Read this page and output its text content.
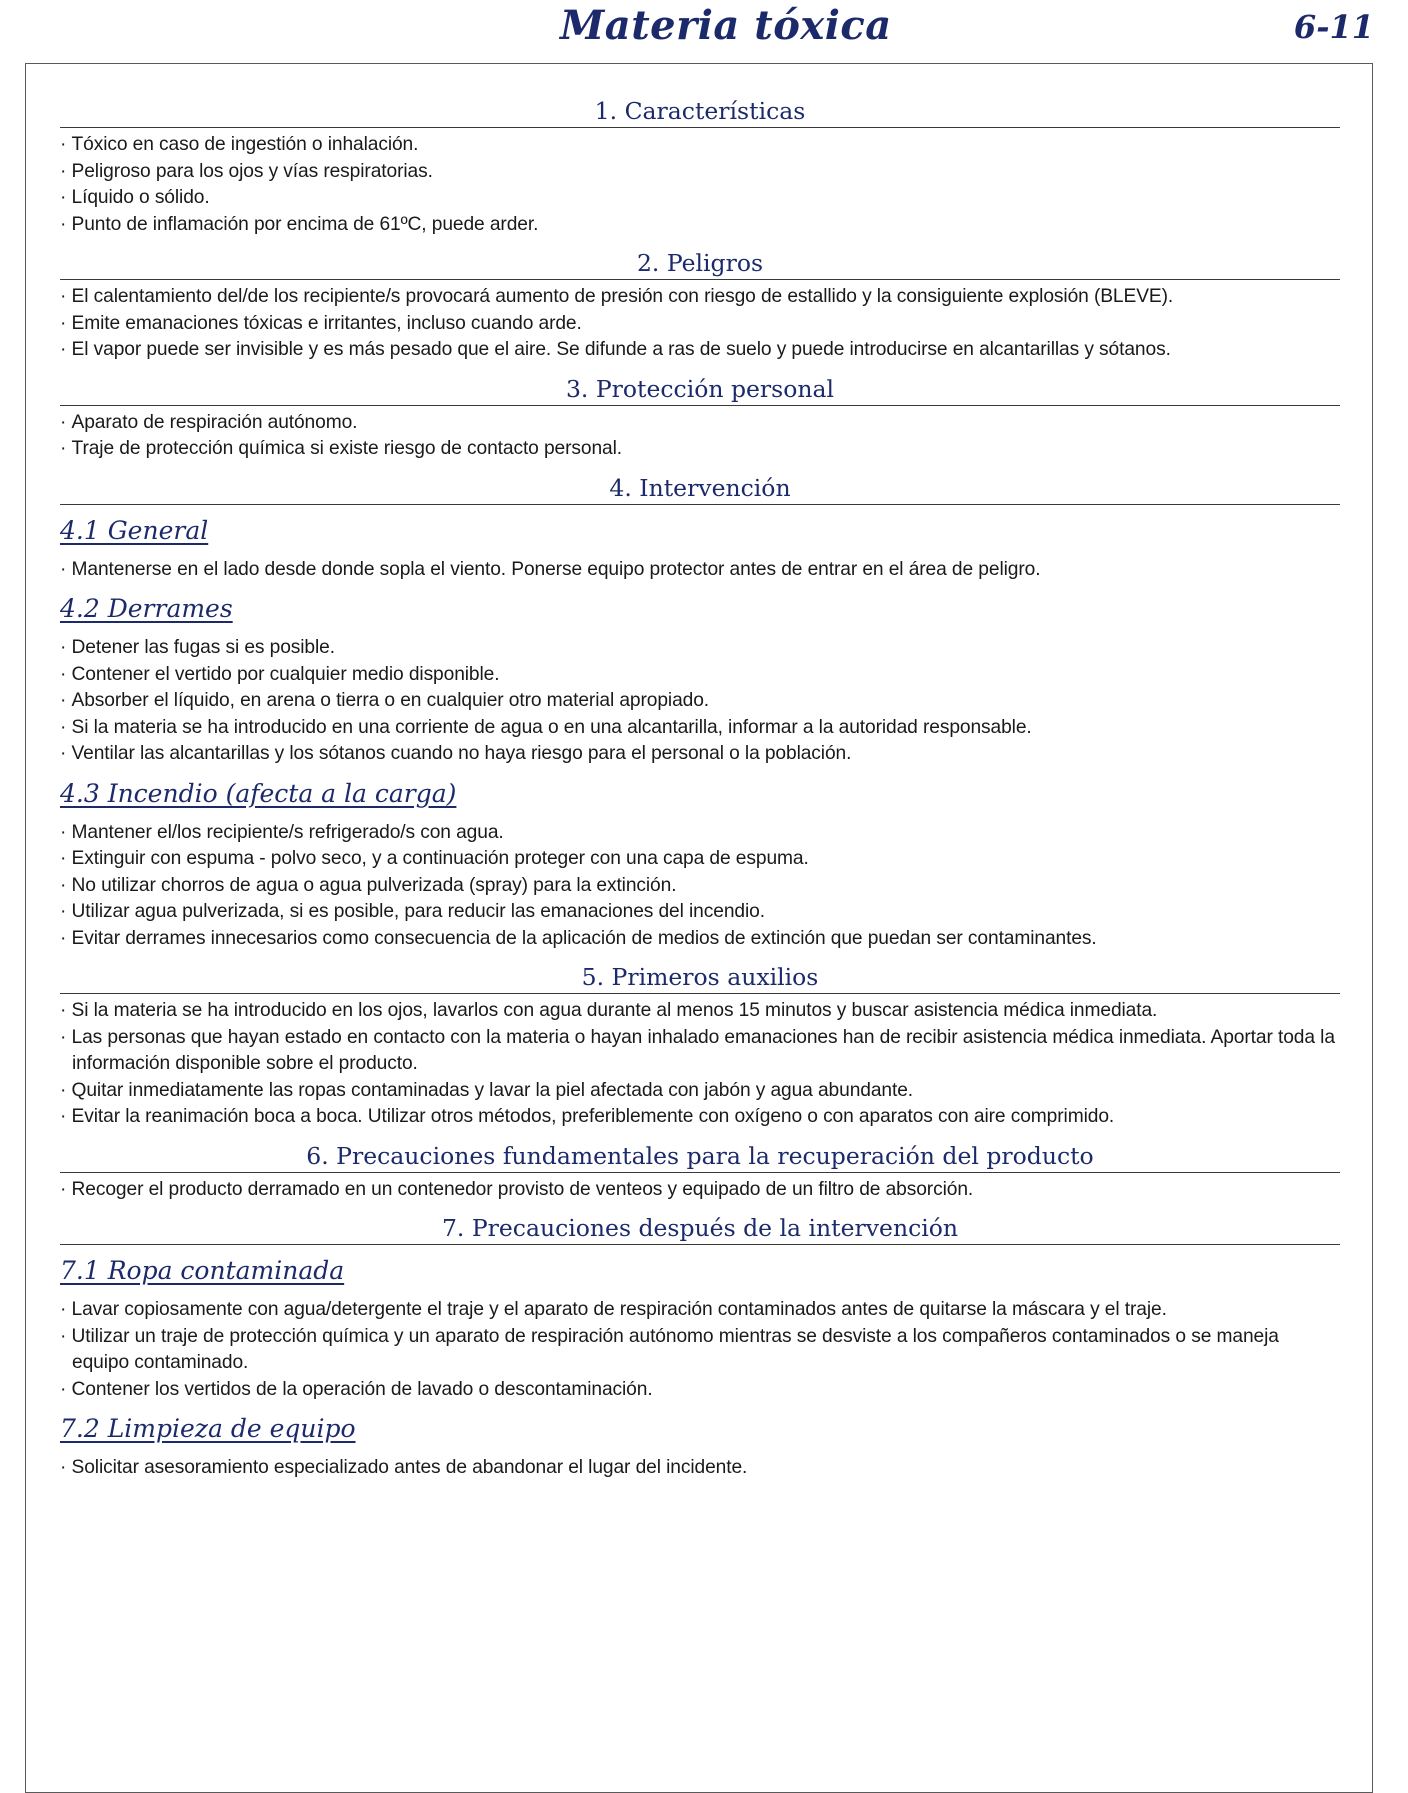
Materia tóxica	6-11
1. Características
· Tóxico en caso de ingestión o inhalación.
· Peligroso para los ojos y vías respiratorias.
· Líquido o sólido.
· Punto de inflamación por encima de 61ºC, puede arder.
2. Peligros
· El calentamiento del/de los recipiente/s provocará aumento de presión con riesgo de estallido y la consiguiente explosión (BLEVE).
· Emite emanaciones tóxicas e irritantes, incluso cuando arde.
· El vapor puede ser invisible y es más pesado que el aire. Se difunde a ras de suelo y puede introducirse en alcantarillas y sótanos.
3. Protección personal
· Aparato de respiración autónomo.
· Traje de protección química si existe riesgo de contacto personal.
4. Intervención
4.1 General
· Mantenerse en el lado desde donde sopla el viento. Ponerse equipo protector antes de entrar en el área de peligro.
4.2 Derrames
· Detener las fugas si es posible.
· Contener el vertido por cualquier medio disponible.
· Absorber el líquido, en arena o tierra o en cualquier otro material apropiado.
· Si la materia se ha introducido en una corriente de agua o en una alcantarilla, informar a la autoridad responsable.
· Ventilar las alcantarillas y los sótanos cuando no haya riesgo para el personal o la población.
4.3 Incendio (afecta a la carga)
· Mantener el/los recipiente/s refrigerado/s con agua.
· Extinguir con espuma - polvo seco, y a continuación proteger con una capa de espuma.
· No utilizar chorros de agua o agua pulverizada (spray) para la extinción.
· Utilizar agua pulverizada, si es posible, para reducir las emanaciones del incendio.
· Evitar derrames innecesarios como consecuencia de la aplicación de medios de extinción que puedan ser contaminantes.
5. Primeros auxilios
· Si la materia se ha introducido en los ojos, lavarlos con agua durante al menos 15 minutos y buscar asistencia médica inmediata.
· Las personas que hayan estado en contacto con la materia o hayan inhalado emanaciones han de recibir asistencia médica inmediata. Aportar toda la información disponible sobre el producto.
· Quitar inmediatamente las ropas contaminadas y lavar la piel afectada con jabón y agua abundante.
· Evitar la reanimación boca a boca. Utilizar otros métodos, preferiblemente con oxígeno o con aparatos con aire comprimido.
6. Precauciones fundamentales para la recuperación del producto
· Recoger el producto derramado en un contenedor provisto de venteos y equipado de un filtro de absorción.
7. Precauciones después de la intervención
7.1 Ropa contaminada
· Lavar copiosamente con agua/detergente el traje y el aparato de respiración contaminados antes de quitarse la máscara y el traje.
· Utilizar un traje de protección química y un aparato de respiración autónomo mientras se desviste a los compañeros contaminados o se maneja equipo contaminado.
· Contener los vertidos de la operación de lavado o descontaminación.
7.2 Limpieza de equipo
· Solicitar asesoramiento especializado antes de abandonar el lugar del incidente.
